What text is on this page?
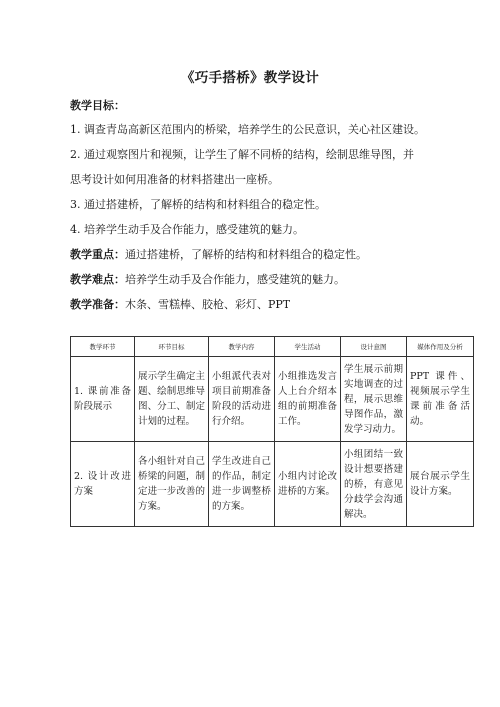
《巧手搭桥》教学设计
教学目标：
1. 调查青岛高新区范围内的桥梁，培养学生的公民意识，关心社区建设。
2. 通过观察图片和视频，让学生了解不同桥的结构，绘制思维导图，并
思考设计如何用准备的材料搭建出一座桥。
3. 通过搭建桥，了解桥的结构和材料组合的稳定性。
4. 培养学生动手及合作能力，感受建筑的魅力。
教学重点：通过搭建桥，了解桥的结构和材料组合的稳定性。
教学难点：培养学生动手及合作能力，感受建筑的魅力。
教学准备：木条、雪糕棒、胶枪、彩灯、PPT
教学环节	环节目标	教学内容	学生活动	设计意图	媒体作用及分析
1. 课前准备阶段展示	展示学生确定主题、绘制思维导图、分工、制定计划的过程。	小组派代表对项目前期准备阶段的活动进行介绍。	小组推选发言人上台介绍本组的前期准备工作。	学生展示前期实地调查的过程，展示思维导图作品，激发学习动力。	PPT 课件、视频展示学生课前准备活动。
2. 设计改进方案	各小组针对自己桥梁的问题，制定进一步改善的方案。	学生改进自己的作品，制定进一步调整桥的方案。	小组内讨论改进桥的方案。	小组团结一致设计想要搭建的桥，有意见分歧学会沟通解决。	展台展示学生设计方案。
